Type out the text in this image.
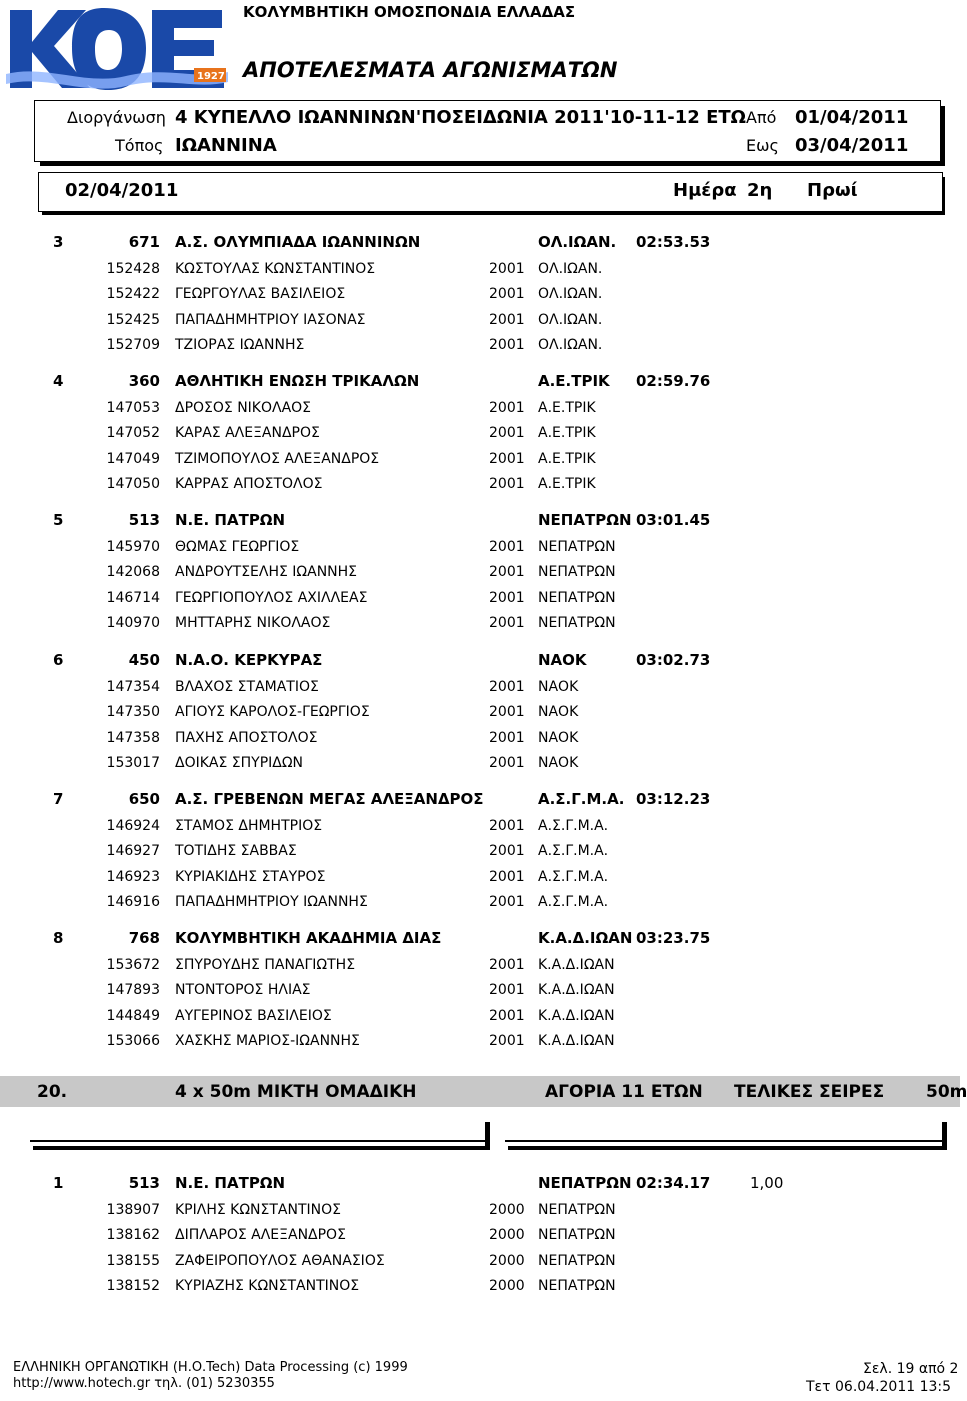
1927
ΚΟΛΥΜΒΗΤΙΚΗ ΟΜΟΣΠΟΝΔΙΑ ΕΛΛΑΔΑΣ
ΑΠΟΤΕΛΕΣΜΑΤΑ ΑΓΩΝΙΣΜΑΤΩΝ
Διοργάνωση 4 ΚΥΠΕΛΛΟ ΙΩΑΝΝΙΝΩΝ'ΠΟΣΕΙΔΩΝΙΑ 2011'10-11-12 ΕΤΩ
Τόπος ΙΩΑΝΝΙΝΑ
Από 01/04/2011
Εως 03/04/2011
02/04/2011	Ημέρα 2η Πρωί
3	671 Α.Σ. ΟΛΥΜΠΙΑΔΑ ΙΩΑΝΝΙΝΩΝ	ΟΛ.ΙΩΑΝ. 02:53.53
152428 ΚΩΣΤΟΥΛΑΣ ΚΩΝΣΤΑΝΤΙΝΟΣ	2001 ΟΛ.ΙΩΑΝ.
152422 ΓΕΩΡΓΟΥΛΑΣ ΒΑΣΙΛΕΙΟΣ	2001 ΟΛ.ΙΩΑΝ.
152425 ΠΑΠΑΔΗΜΗΤΡΙΟΥ ΙΑΣΟΝΑΣ	2001 ΟΛ.ΙΩΑΝ.
152709 ΤΖΙΟΡΑΣ ΙΩΑΝΝΗΣ	2001 ΟΛ.ΙΩΑΝ.
4	360 ΑΘΛΗΤΙΚΗ ΕΝΩΣΗ ΤΡΙΚΑΛΩΝ	Α.Ε.ΤΡΙΚ 02:59.76
147053 ΔΡΟΣΟΣ ΝΙΚΟΛΑΟΣ	2001 Α.Ε.ΤΡΙΚ
147052 ΚΑΡΑΣ ΑΛΕΞΑΝΔΡΟΣ	2001 Α.Ε.ΤΡΙΚ
147049 ΤΖΙΜΟΠΟΥΛΟΣ ΑΛΕΞΑΝΔΡΟΣ	2001 Α.Ε.ΤΡΙΚ
147050 ΚΑΡΡΑΣ ΑΠΟΣΤΟΛΟΣ	2001 Α.Ε.ΤΡΙΚ
5	513 Ν.Ε. ΠΑΤΡΩΝ	ΝΕΠΑΤΡΩΝ 03:01.45
145970 ΘΩΜΑΣ ΓΕΩΡΓΙΟΣ	2001 ΝΕΠΑΤΡΩΝ
142068 ΑΝΔΡΟΥΤΣΕΛΗΣ ΙΩΑΝΝΗΣ	2001 ΝΕΠΑΤΡΩΝ
146714 ΓΕΩΡΓΙΟΠΟΥΛΟΣ ΑΧΙΛΛΕΑΣ	2001 ΝΕΠΑΤΡΩΝ
140970 ΜΗΤΤΑΡΗΣ ΝΙΚΟΛΑΟΣ	2001 ΝΕΠΑΤΡΩΝ
6	450 Ν.Α.Ο. ΚΕΡΚΥΡΑΣ	ΝΑΟΚ	03:02.73
147354 ΒΛΑΧΟΣ ΣΤΑΜΑΤΙΟΣ	2001 ΝΑΟΚ
147350 ΑΓΙΟΥΣ ΚΑΡΟΛΟΣ-ΓΕΩΡΓΙΟΣ	2001 ΝΑΟΚ
147358 ΠΑΧΗΣ ΑΠΟΣΤΟΛΟΣ	2001 ΝΑΟΚ
153017 ΔΟΙΚΑΣ ΣΠΥΡΙΔΩΝ	2001 ΝΑΟΚ
7	650 Α.Σ. ΓΡΕΒΕΝΩΝ ΜΕΓΑΣ ΑΛΕΞΑΝΔΡΟΣ	Α.Σ.Γ.Μ.Α. 03:12.23
146924 ΣΤΑΜΟΣ ΔΗΜΗΤΡΙΟΣ	2001 Α.Σ.Γ.Μ.Α.
146927 ΤΟΤΙΔΗΣ ΣΑΒΒΑΣ	2001 Α.Σ.Γ.Μ.Α.
146923 ΚΥΡΙΑΚΙΔΗΣ ΣΤΑΥΡΟΣ	2001 Α.Σ.Γ.Μ.Α.
146916 ΠΑΠΑΔΗΜΗΤΡΙΟΥ ΙΩΑΝΝΗΣ	2001 Α.Σ.Γ.Μ.Α.
8	768 ΚΟΛΥΜΒΗΤΙΚΗ ΑΚΑΔΗΜΙΑ ΔΙΑΣ	Κ.Α.Δ.ΙΩΑΝ 03:23.75
153672 ΣΠΥΡΟΥΔΗΣ ΠΑΝΑΓΙΩΤΗΣ	2001 Κ.Α.Δ.ΙΩΑΝ
147893 ΝΤΟΝΤΟΡΟΣ ΗΛΙΑΣ	2001 Κ.Α.Δ.ΙΩΑΝ
144849 ΑΥΓΕΡΙΝΟΣ ΒΑΣΙΛΕΙΟΣ	2001 Κ.Α.Δ.ΙΩΑΝ
153066 ΧΑΣΚΗΣ ΜΑΡΙΟΣ-ΙΩΑΝΝΗΣ	2001 Κ.Α.Δ.ΙΩΑΝ
20.	4 x 50m ΜΙΚΤΗ ΟΜΑΔΙΚΗ	ΑΓΟΡΙΑ 11 ΕΤΩΝ ΤΕΛΙΚΕΣ ΣΕΙΡΕΣ 50m
1	513 Ν.Ε. ΠΑΤΡΩΝ	ΝΕΠΑΤΡΩΝ 02:34.17	1,00
138907 ΚΡΙΛΗΣ ΚΩΝΣΤΑΝΤΙΝΟΣ	2000 ΝΕΠΑΤΡΩΝ
138162 ΔΙΠΛΑΡΟΣ ΑΛΕΞΑΝΔΡΟΣ	2000 ΝΕΠΑΤΡΩΝ
138155 ΖΑΦΕΙΡΟΠΟΥΛΟΣ ΑΘΑΝΑΣΙΟΣ	2000 ΝΕΠΑΤΡΩΝ
138152 ΚΥΡΙΑΖΗΣ ΚΩΝΣΤΑΝΤΙΝΟΣ	2000 ΝΕΠΑΤΡΩΝ
ΕΛΛΗΝΙΚΗ ΟΡΓΑΝΩΤΙΚΗ (Η.Ο.Tech) Data Processing (c) 1999
http://www.hotech.gr τηλ. (01) 5230355
Σελ. 19 από 2
Τετ 06.04.2011 13:5
